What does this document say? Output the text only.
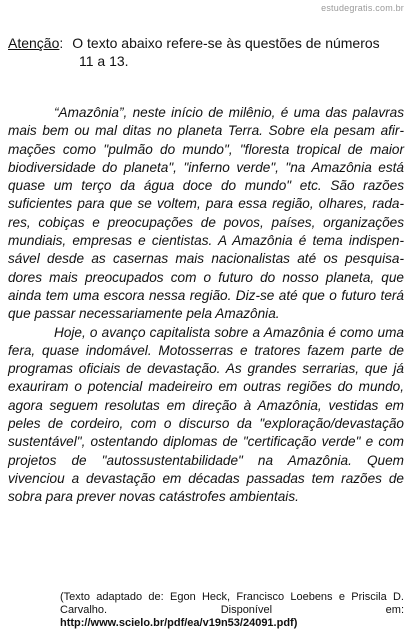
estudegratis.com.br
Atenção : O texto abaixo refere-se às questões de números
11 a 13.

“Amazônia”, neste início de milênio, é uma das palavras mais bem ou mal ditas no planeta Terra. Sobre ela pesam afirmações como "pulmão do mundo", "floresta tropical de maior biodiversidade do planeta", "inferno verde", "na Amazônia está quase um terço da água doce do mundo" etc. São razões suficientes para que se voltem, para essa região, olhares, radares, cobiças e preocupações de povos, países, organizações mundiais, empresas e cientistas. A Amazônia é tema indispensável desde as casernas mais nacionalistas até os pesquisadores mais preocupados com o futuro do nosso planeta, que ainda tem uma escora nessa região. Diz-se até que o futuro terá que passar necessariamente pela Amazônia.

Hoje, o avanço capitalista sobre a Amazônia é como uma fera, quase indomável. Motosserras e tratores fazem parte de programas oficiais de devastação. As grandes serrarias, que já exauriram o potencial madeireiro em outras regiões do mundo, agora seguem resolutas em direção à Amazônia, vestidas em peles de cordeiro, com o discurso da "exploração/devastação sustentável", ostentando diplomas de "certificação verde" e com projetos de "autossustentabilidade" na Amazônia. Quem vivenciou a devastação em décadas passadas tem razões de sobra para prever novas catástrofes ambientais.

(Texto adaptado de: Egon Heck, Francisco Loebens e Priscila D. Carvalho. Disponível em: http://www.scielo.br/pdf/ea/v19n53/24091.pdf)
